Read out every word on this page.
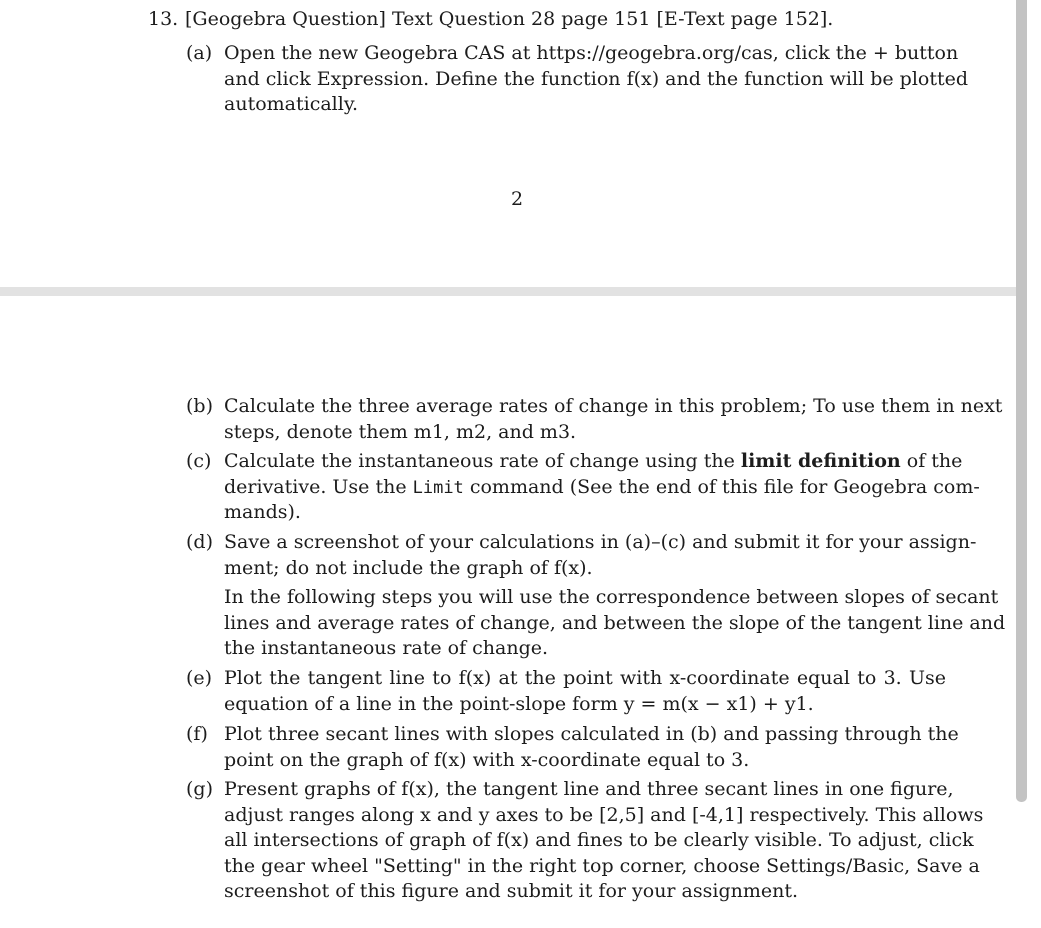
13. [Geogebra Question] Text Question 28 page 151 [E-Text page 152].
(a) Open the new Geogebra CAS at https://geogebra.org/cas, click the + button
and click Expression. Define the function f(x) and the function will be plotted
automatically.
2
(b) Calculate the three average rates of change in this problem; To use them in next
steps, denote them m1, m2, and m3.
(c) Calculate the instantaneous rate of change using the limit definition of the
derivative. Use the Limit command (See the end of this file for Geogebra com-
mands).
(d) Save a screenshot of your calculations in (a)–(c) and submit it for your assign-
ment; do not include the graph of f(x).
In the following steps you will use the correspondence between slopes of secant
lines and average rates of change, and between the slope of the tangent line and
the instantaneous rate of change.
(e) Plot the tangent line to f(x) at the point with x-coordinate equal to 3. Use
equation of a line in the point-slope form y = m(x − x1) + y1.
(f) Plot three secant lines with slopes calculated in (b) and passing through the
point on the graph of f(x) with x-coordinate equal to 3.
(g) Present graphs of f(x), the tangent line and three secant lines in one figure,
adjust ranges along x and y axes to be [2,5] and [-4,1] respectively. This allows
all intersections of graph of f(x) and fines to be clearly visible. To adjust, click
the gear wheel "Setting" in the right top corner, choose Settings/Basic, Save a
screenshot of this figure and submit it for your assignment.
